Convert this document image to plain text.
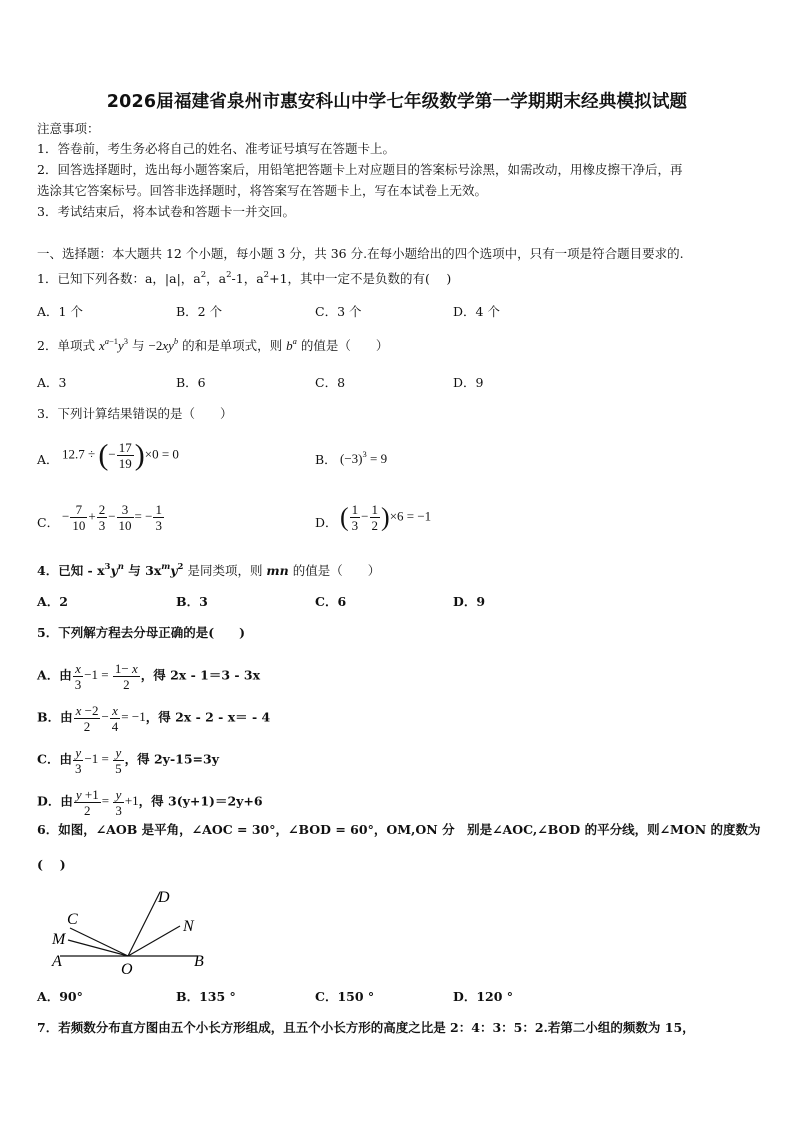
2026届福建省泉州市惠安科山中学七年级数学第一学期期末经典模拟试题
注意事项：
1．答卷前，考生务必将自己的姓名、准考证号填写在答题卡上。
2．回答选择题时，选出每小题答案后，用铅笔把答题卡上对应题目的答案标号涂黑，如需改动，用橡皮擦干净后，再
选涂其它答案标号。回答非选择题时，将答案写在答题卡上，写在本试卷上无效。
3．考试结束后，将本试卷和答题卡一并交回。
一、选择题：本大题共 12 个小题，每小题 3 分，共 36 分.在每小题给出的四个选项中，只有一项是符合题目要求的.
1．已知下列各数：a，|a|，$a^2$，$a^2-1$，$a^2+1$，其中一定不是负数的有(　 )
A．1 个	B．2 个	C．3 个	D．4 个
2．单项式 $x^{a-1}y^3$ 与 $-2xy^b$ 的和是单项式，则 $b^a$ 的值是（　　）
A．3	B．6	C．8	D．9
3．下列计算结果错误的是（　　）
A． 12.7 ÷ (− $\frac{17}{19} )\times 0 = 0$	B． $(-3)^3 = 9$
C． − $\frac{7}{10} + \frac{2}{3} - \frac{3}{10}$ = − $\frac{1}{3}$	D． ( $\frac{1}{3} - \frac{1}{2} )\times 6 = -1$
4．已知 - $x^3y^n$ 与 $3x^my^2$ 是同类项，则 mn 的值是（　　）
A．2	B．3	C．6	D．9
5．下列解方程去分母正确的是(　　)
A．由 $\frac{x}{3} -1 = \frac{1- x}{2}$ ，得 2x - 1＝3 - 3x
B．由 $\frac{x -2}{2} - \frac{x}{4} = -1$，得 2x - 2 - x＝ - 4
C．由 $\frac{y}{3} -1 = \frac{y}{5}$ ，得 2y-15=3y
D．由 $\frac{y +1}{2} = \frac{y}{3} +1$，得 3(y+1)＝2y+6
6．如图，∠AOB 是平角，∠AOC = 30°，∠BOD = 60°，OM,ON 分　别是∠AOC,∠BOD 的平分线，则∠MON 的度数为
(　 )
D
C	N
M
A	O	B
A．90°	B．135 °	C．150 °	D．120 °
7．若频数分布直方图由五个小长方形组成，且五个小长方形的高度之比是 2：4：3：5：2.若第二小组的频数为 15，
